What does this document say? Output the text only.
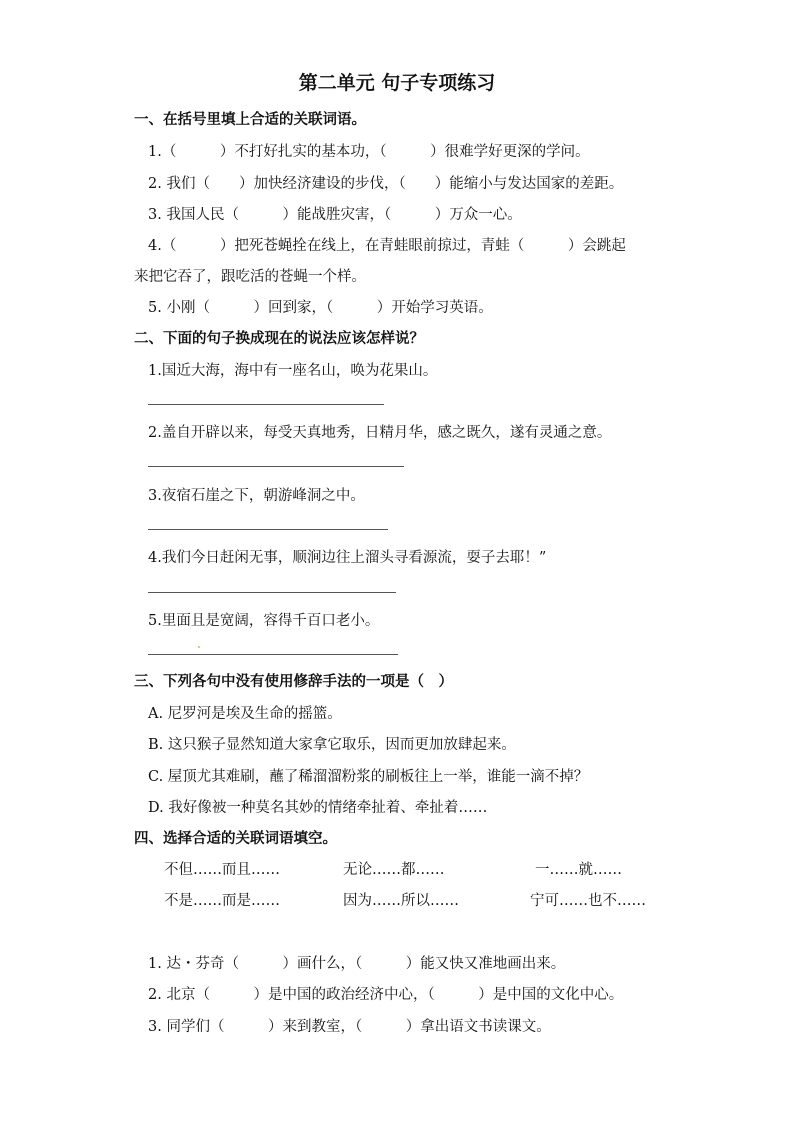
第二单元 句子专项练习
一、在括号里填上合适的关联词语。
1.（　　　）不打好扎实的基本功，（　　　）很难学好更深的学问。
2. 我们（　　）加快经济建设的步伐，（　　）能缩小与发达国家的差距。
3. 我国人民（　　　）能战胜灾害，（　　　）万众一心。
4.（　　　）把死苍蝇拴在线上，在青蛙眼前掠过，青蛙（　　　）会跳起
来把它吞了，跟吃活的苍蝇一个样。
5. 小刚（　　　）回到家，（　　　）开始学习英语。
二、下面的句子换成现在的说法应该怎样说？
1.国近大海，海中有一座名山，唤为花果山。
2.盖自开辟以来，每受天真地秀，日精月华，感之既久，遂有灵通之意。
3.夜宿石崖之下，朝游峰洞之中。
4.我们今日赶闲无事，顺涧边往上溜头寻看源流，耍子去耶！”
5.里面且是宽阔，容得千百口老小。
三、下列各句中没有使用修辞手法的一项是（　）
A. 尼罗河是埃及生命的摇篮。
B. 这只猴子显然知道大家拿它取乐，因而更加放肆起来。
C. 屋顶尤其难刷，蘸了稀溜溜粉浆的刷板往上一举，谁能一滴不掉？
D. 我好像被一种莫名其妙的情绪牵扯着、牵扯着……
四、选择合适的关联词语填空。
不但……而且……	无论……都……	一……就……
不是……而是……	因为……所以……	宁可……也不……
1. 达・芬奇（　　　）画什么，（　　　）能又快又准地画出来。
2. 北京（　　　）是中国的政治经济中心，（　　　）是中国的文化中心。
3. 同学们（　　　）来到教室，（　　　）拿出语文书读课文。
